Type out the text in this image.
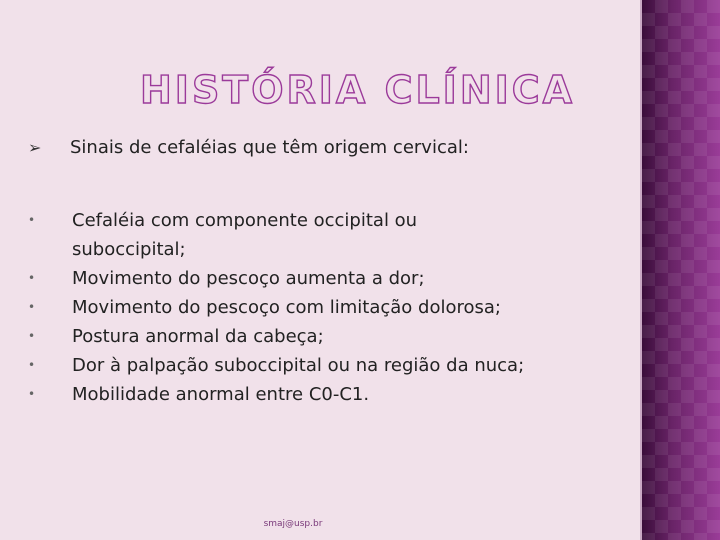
HISTÓRIA CLÍNICA
➢ Sinais de cefaléias que têm origem cervical:
•	Cefaléia com componente occipital ou
suboccipital;
•	Movimento do pescoço aumenta a dor;
•	Movimento do pescoço com limitação dolorosa;
•	Postura anormal da cabeça;
•	Dor à palpação suboccipital ou na região da nuca;
•	Mobilidade anormal entre C0-C1.
smaj@usp.br
